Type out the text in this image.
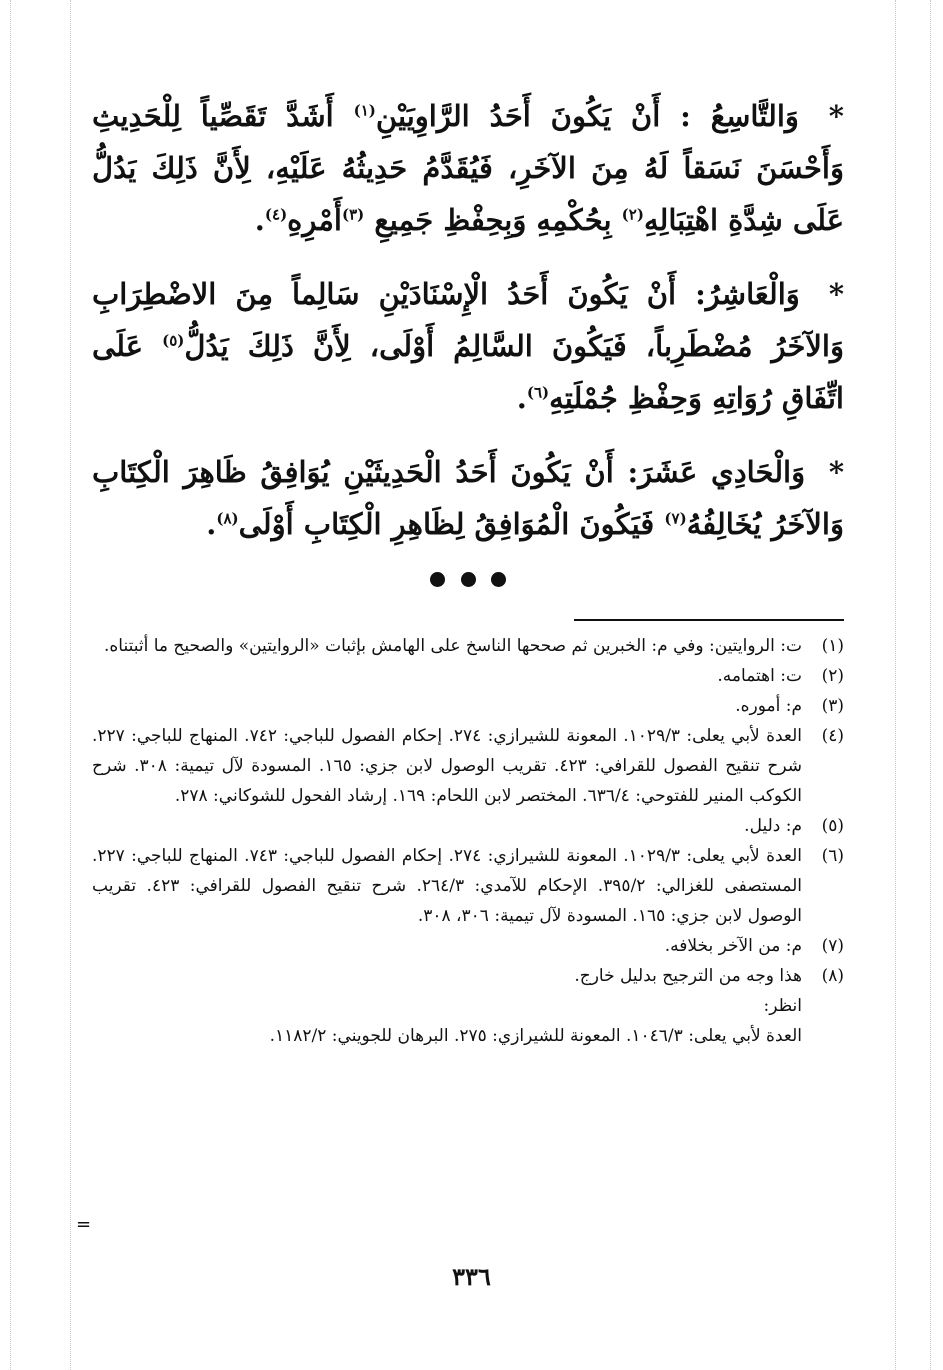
* وَالتَّاسِعُ : أَنْ يَكُونَ أَحَدُ الرَّاوِيَيْنِ$^{(١)}$ أَشَدَّ تَقَصِّياً لِلْحَدِيثِ وَأَحْسَنَ نَسَقاً لَهُ مِنَ الآخَرِ، فَيُقَدَّمُ حَدِيثُهُ عَلَيْهِ، لِأَنَّ ذَلِكَ يَدُلُّ عَلَى شِدَّةِ اهْتِبَالِهِ$^{(٢)}$ بِحُكْمِهِ وَبِحِفْظِ جَمِيعِ $^{(٣)}$أَمْرِهِ$^{(٤)}$.

* وَالْعَاشِرُ: أَنْ يَكُونَ أَحَدُ الْإِسْنَادَيْنِ سَالِماً مِنَ الاضْطِرَابِ وَالآخَرُ مُضْطَرِباً، فَيَكُونَ السَّالِمُ أَوْلَى، لِأَنَّ ذَلِكَ يَدُلُّ$^{(٥)}$ عَلَى اتِّفَاقِ رُوَاتِهِ وَحِفْظِ جُمْلَتِهِ$^{(٦)}$.

* وَالْحَادِي عَشَرَ: أَنْ يَكُونَ أَحَدُ الْحَدِيثَيْنِ يُوَافِقُ ظَاهِرَ الْكِتَابِ وَالآخَرُ يُخَالِفُهُ$^{(٧)}$ فَيَكُونَ الْمُوَافِقُ لِظَاهِرِ الْكِتَابِ أَوْلَى$^{(٨)}$.

(١)
ت: الروايتين: وفي م: الخبرين ثم صححها الناسخ على الهامش بإثبات «الروايتين» والصحيح ما أثبتناه.
(٢)
ت: اهتمامه.
(٣)
م: أموره.
(٤)
العدة لأبي يعلى: ١٠٢٩/٣. المعونة للشيرازي: ٢٧٤. إحكام الفصول للباجي: ٧٤٢. المنهاج للباجي: ٢٢٧. شرح تنقيح الفصول للقرافي: ٤٢٣. تقريب الوصول لابن جزي: ١٦٥. المسودة لآل تيمية: ٣٠٨. شرح الكوكب المنير للفتوحي: ٦٣٦/٤. المختصر لابن اللحام: ١٦٩. إرشاد الفحول للشوكاني: ٢٧٨.
(٥)
م: دليل.
(٦)
العدة لأبي يعلى: ١٠٢٩/٣. المعونة للشيرازي: ٢٧٤. إحكام الفصول للباجي: ٧٤٣. المنهاج للباجي: ٢٢٧. المستصفى للغزالي: ٣٩٥/٢. الإحكام للآمدي: ٢٦٤/٣. شرح تنقيح الفصول للقرافي: ٤٢٣. تقريب الوصول لابن جزي: ١٦٥. المسودة لآل تيمية: ٣٠٦، ٣٠٨.
(٧)
م: من الآخر بخلافه.
(٨)
هذا وجه من الترجيح بدليل خارج.
انظر:
العدة لأبي يعلى: ١٠٤٦/٣. المعونة للشيرازي: ٢٧٥. البرهان للجويني: ١١٨٢/٢.
=
٣٣٦
